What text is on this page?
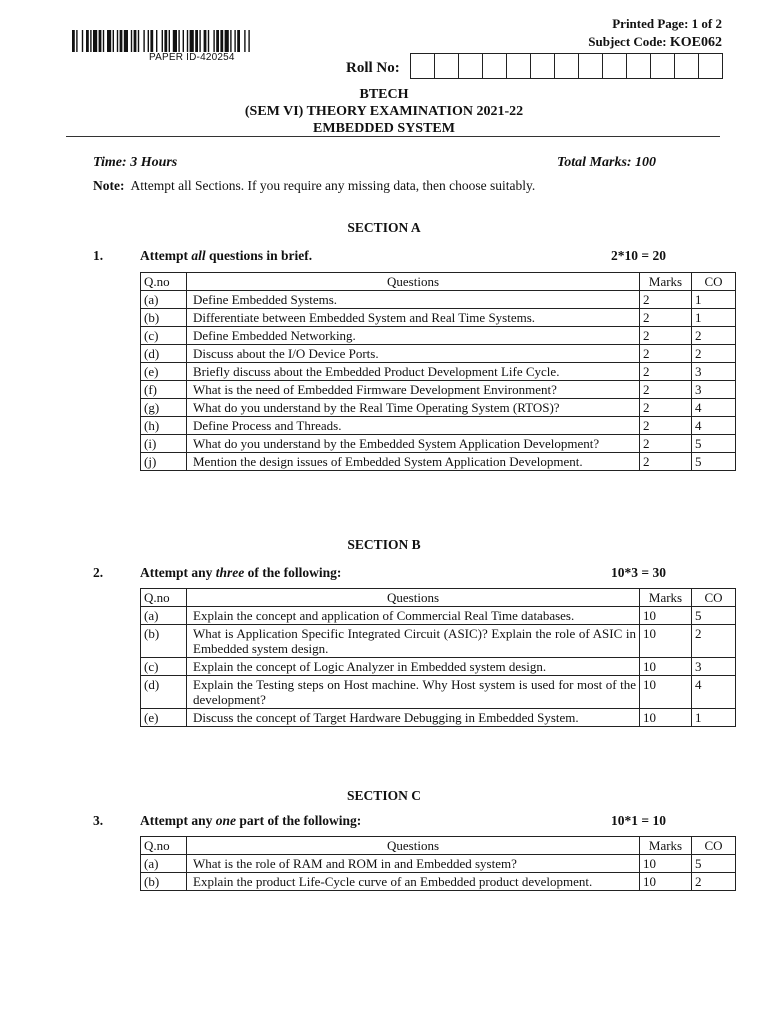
PAPER ID-420254
Printed Page: 1 of 2
Subject Code: KOE062
Roll No:
BTECH
(SEM VI) THEORY EXAMINATION 2021-22
EMBEDDED SYSTEM
Time: 3 Hours	Total Marks: 100
Note: Attempt all Sections. If you require any missing data, then choose suitably.
SECTION A
1.	Attempt all questions in brief.	2*10 = 20
Q.no	Questions	Marks	CO
(a)	Define Embedded Systems.	2	1
(b)	Differentiate between Embedded System and Real Time Systems.	2	1
(c)	Define Embedded Networking.	2	2
(d)	Discuss about the I/O Device Ports.	2	2
(e)	Briefly discuss about the Embedded Product Development Life Cycle.	2	3
(f)	What is the need of Embedded Firmware Development Environment?	2	3
(g)	What do you understand by the Real Time Operating System (RTOS)?	2	4
(h)	Define Process and Threads.	2	4
(i)	What do you understand by the Embedded System Application Development?	2	5
(j)	Mention the design issues of Embedded System Application Development.	2	5
SECTION B
2.	Attempt any three of the following:	10*3 = 30
Q.no	Questions	Marks	CO
(a)	Explain the concept and application of Commercial Real Time databases.	10	5
(b)	What is Application Specific Integrated Circuit (ASIC)? Explain the role of ASIC in Embedded system design.	10	2
(c)	Explain the concept of Logic Analyzer in Embedded system design.	10	3
(d)	Explain the Testing steps on Host machine. Why Host system is used for most of the development?	10	4
(e)	Discuss the concept of Target Hardware Debugging in Embedded System.	10	1
SECTION C
3.	Attempt any one part of the following:	10*1 = 10
Q.no	Questions	Marks	CO
(a)	What is the role of RAM and ROM in and Embedded system?	10	5
(b)	Explain the product Life-Cycle curve of an Embedded product development.	10	2
